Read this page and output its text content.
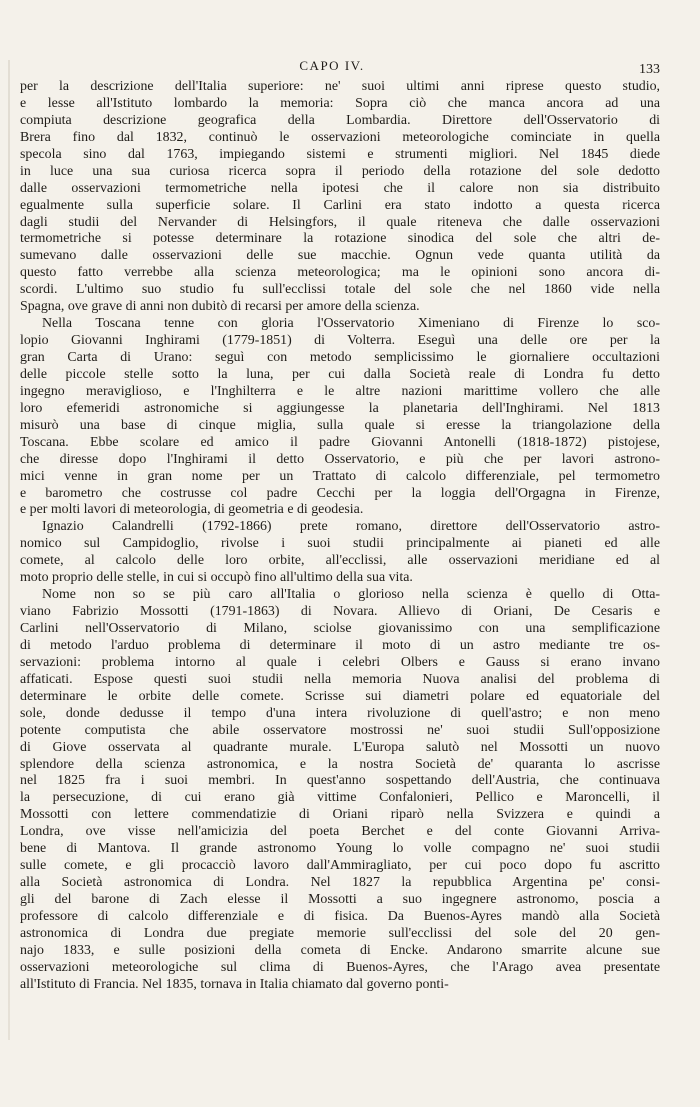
CAPO IV.	133
per la descrizione dell'Italia superiore: ne' suoi ultimi anni riprese questo studio,
e lesse all'Istituto lombardo la memoria: Sopra ciò che manca ancora ad una
compiuta descrizione geografica della Lombardia. Direttore dell'Osservatorio di
Brera fino dal 1832, continuò le osservazioni meteorologiche cominciate in quella
specola sino dal 1763, impiegando sistemi e strumenti migliori. Nel 1845 diede
in luce una sua curiosa ricerca sopra il periodo della rotazione del sole dedotto
dalle osservazioni termometriche nella ipotesi che il calore non sia distribuito
egualmente sulla superficie solare. Il Carlini era stato indotto a questa ricerca
dagli studii del Nervander di Helsingfors, il quale riteneva che dalle osservazioni
termometriche si potesse determinare la rotazione sinodica del sole che altri de-
sumevano dalle osservazioni delle sue macchie. Ognun vede quanta utilità da
questo fatto verrebbe alla scienza meteorologica; ma le opinioni sono ancora di-
scordi. L'ultimo suo studio fu sull'ecclissi totale del sole che nel 1860 vide nella
Spagna, ove grave di anni non dubitò di recarsi per amore della scienza.
Nella Toscana tenne con gloria l'Osservatorio Ximeniano di Firenze lo sco-
lopio Giovanni Inghirami (1779-1851) di Volterra. Eseguì una delle ore per la
gran Carta di Urano: seguì con metodo semplicissimo le giornaliere occultazioni
delle piccole stelle sotto la luna, per cui dalla Società reale di Londra fu detto
ingegno meraviglioso, e l'Inghilterra e le altre nazioni marittime vollero che alle
loro efemeridi astronomiche si aggiungesse la planetaria dell'Inghirami. Nel 1813
misurò una base di cinque miglia, sulla quale si eresse la triangolazione della
Toscana. Ebbe scolare ed amico il padre Giovanni Antonelli (1818-1872) pistojese,
che diresse dopo l'Inghirami il detto Osservatorio, e più che per lavori astrono-
mici venne in gran nome per un Trattato di calcolo differenziale, pel termometro
e barometro che costrusse col padre Cecchi per la loggia dell'Orgagna in Firenze,
e per molti lavori di meteorologia, di geometria e di geodesia.
Ignazio Calandrelli (1792-1866) prete romano, direttore dell'Osservatorio astro-
nomico sul Campidoglio, rivolse i suoi studii principalmente ai pianeti ed alle
comete, al calcolo delle loro orbite, all'ecclissi, alle osservazioni meridiane ed al
moto proprio delle stelle, in cui si occupò fino all'ultimo della sua vita.
Nome non so se più caro all'Italia o glorioso nella scienza è quello di Otta-
viano Fabrizio Mossotti (1791-1863) di Novara. Allievo di Oriani, De Cesaris e
Carlini nell'Osservatorio di Milano, sciolse giovanissimo con una semplificazione
di metodo l'arduo problema di determinare il moto di un astro mediante tre os-
servazioni: problema intorno al quale i celebri Olbers e Gauss si erano invano
affaticati. Espose questi suoi studii nella memoria Nuova analisi del problema di
determinare le orbite delle comete. Scrisse sui diametri polare ed equatoriale del
sole, donde dedusse il tempo d'una intera rivoluzione di quell'astro; e non meno
potente computista che abile osservatore mostrossi ne' suoi studii Sull'opposizione
di Giove osservata al quadrante murale. L'Europa salutò nel Mossotti un nuovo
splendore della scienza astronomica, e la nostra Società de' quaranta lo ascrisse
nel 1825 fra i suoi membri. In quest'anno sospettando dell'Austria, che continuava
la persecuzione, di cui erano già vittime Confalonieri, Pellico e Maroncelli, il
Mossotti con lettere commendatizie di Oriani riparò nella Svizzera e quindi a
Londra, ove visse nell'amicizia del poeta Berchet e del conte Giovanni Arriva-
bene di Mantova. Il grande astronomo Young lo volle compagno ne' suoi studii
sulle comete, e gli procacciò lavoro dall'Ammiragliato, per cui poco dopo fu ascritto
alla Società astronomica di Londra. Nel 1827 la repubblica Argentina pe' consi-
gli del barone di Zach elesse il Mossotti a suo ingegnere astronomo, poscia a
professore di calcolo differenziale e di fisica. Da Buenos-Ayres mandò alla Società
astronomica di Londra due pregiate memorie sull'ecclissi del sole del 20 gen-
najo 1833, e sulle posizioni della cometa di Encke. Andarono smarrite alcune sue
osservazioni meteorologiche sul clima di Buenos-Ayres, che l'Arago avea presentate
all'Istituto di Francia. Nel 1835, tornava in Italia chiamato dal governo ponti-
